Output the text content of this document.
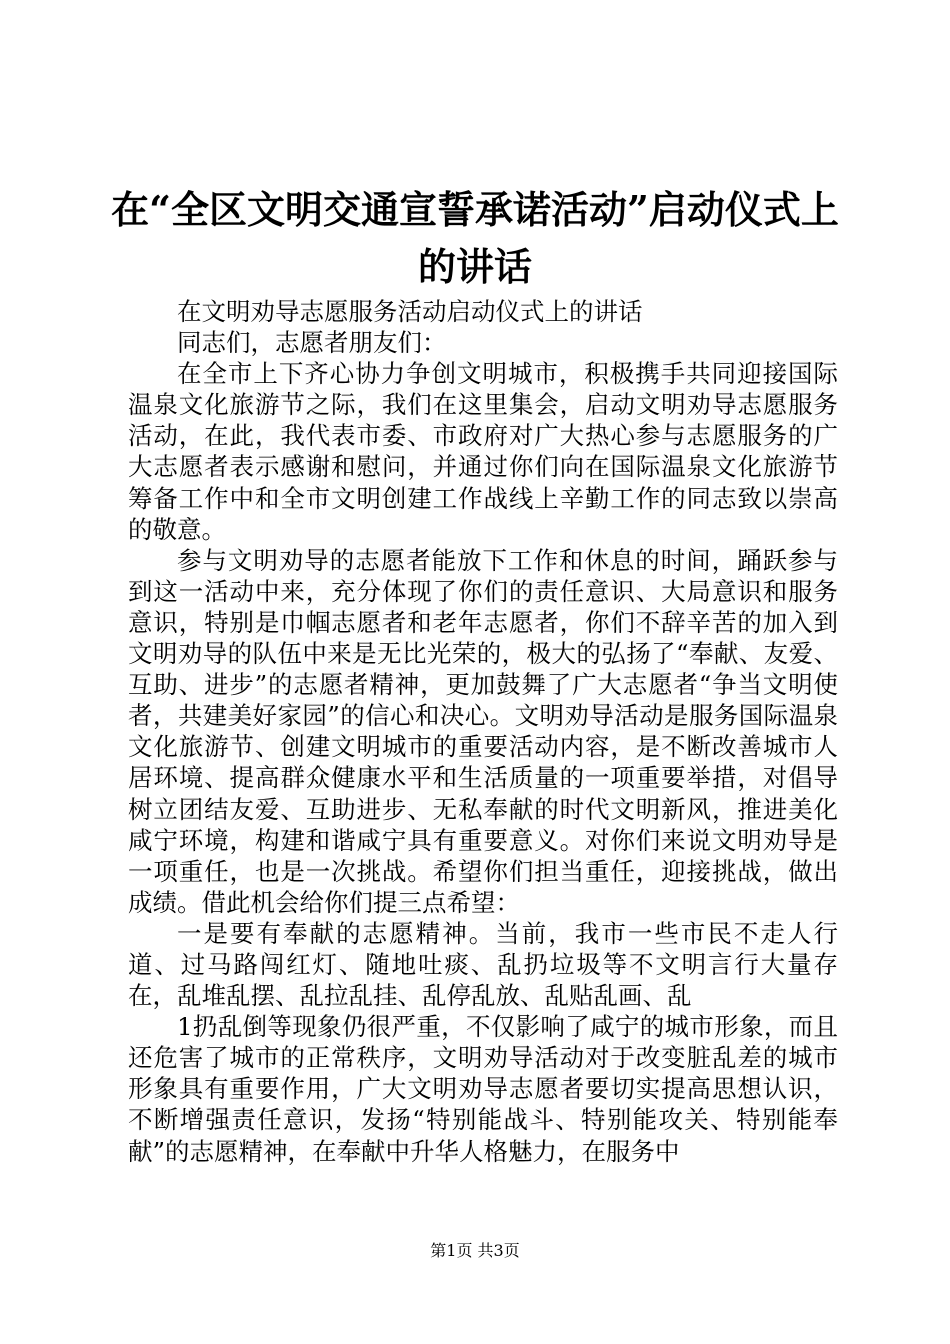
在“全区文明交通宣誓承诺活动”启动仪式上
的讲话

在文明劝导志愿服务活动启动仪式上的讲话

同志们，志愿者朋友们：

在全市上下齐心协力争创文明城市，积极携手共同迎接国际温泉文化旅游节之际，我们在这里集会，启动文明劝导志愿服务活动，在此，我代表市委、市政府对广大热心参与志愿服务的广大志愿者表示感谢和慰问，并通过你们向在国际温泉文化旅游节筹备工作中和全市文明创建工作战线上辛勤工作的同志致以崇高的敬意。

参与文明劝导的志愿者能放下工作和休息的时间，踊跃参与到这一活动中来，充分体现了你们的责任意识、大局意识和服务意识，特别是巾帼志愿者和老年志愿者，你们不辞辛苦的加入到文明劝导的队伍中来是无比光荣的，极大的弘扬了“奉献、友爱、互助、进步”的志愿者精神，更加鼓舞了广大志愿者“争当文明使者，共建美好家园”的信心和决心。文明劝导活动是服务国际温泉文化旅游节、创建文明城市的重要活动内容，是不断改善城市人居环境、提高群众健康水平和生活质量的一项重要举措，对倡导树立团结友爱、互助进步、无私奉献的时代文明新风，推进美化咸宁环境，构建和谐咸宁具有重要意义。对你们来说文明劝导是一项重任，也是一次挑战。希望你们担当重任，迎接挑战，做出成绩。借此机会给你们提三点希望：

一是要有奉献的志愿精神。当前，我市一些市民不走人行道、过马路闯红灯、随地吐痰、乱扔垃圾等不文明言行大量存在，乱堆乱摆、乱拉乱挂、乱停乱放、乱贴乱画、乱

1扔乱倒等现象仍很严重，不仅影响了咸宁的城市形象，而且还危害了城市的正常秩序，文明劝导活动对于改变脏乱差的城市形象具有重要作用，广大文明劝导志愿者要切实提高思想认识，不断增强责任意识，发扬“特别能战斗、特别能攻关、特别能奉献”的志愿精神，在奉献中升华人格魅力，在服务中

第1页 共3页
